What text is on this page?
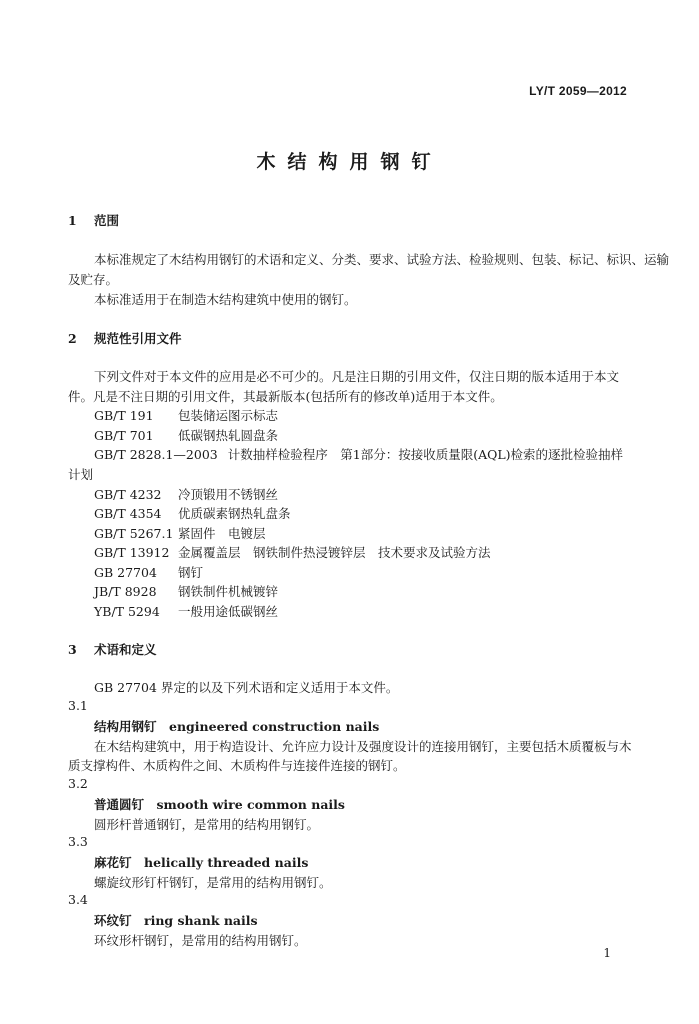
LY/T 2059—2012
木结构用钢钉
1 范围
本标准规定了木结构用钢钉的术语和定义、分类、要求、试验方法、检验规则、包装、标记、标识、运输
及贮存。
本标准适用于在制造木结构建筑中使用的钢钉。
2 规范性引用文件
下列文件对于本文件的应用是必不可少的。凡是注日期的引用文件，仅注日期的版本适用于本文
件。凡是不注日期的引用文件，其最新版本(包括所有的修改单)适用于本文件。
GB/T 191 包装储运图示标志
GB/T 701 低碳钢热轧圆盘条
GB/T 2828.1—2003 计数抽样检验程序　第1部分：按接收质量限(AQL)检索的逐批检验抽样
计划
GB/T 4232 冷顶锻用不锈钢丝
GB/T 4354 优质碳素钢热轧盘条
GB/T 5267.1 紧固件　电镀层
GB/T 13912 金属覆盖层　钢铁制件热浸镀锌层　技术要求及试验方法
GB 27704 钢钉
JB/T 8928 钢铁制件机械镀锌
YB/T 5294 一般用途低碳钢丝
3 术语和定义
GB 27704 界定的以及下列术语和定义适用于本文件。
3.1
结构用钢钉　engineered construction nails
在木结构建筑中，用于构造设计、允许应力设计及强度设计的连接用钢钉，主要包括木质覆板与木
质支撑构件、木质构件之间、木质构件与连接件连接的钢钉。
3.2
普通圆钉　smooth wire common nails
圆形杆普通钢钉，是常用的结构用钢钉。
3.3
麻花钉　helically threaded nails
螺旋纹形钉杆钢钉，是常用的结构用钢钉。
3.4
环纹钉　ring shank nails
环纹形杆钢钉，是常用的结构用钢钉。
1
